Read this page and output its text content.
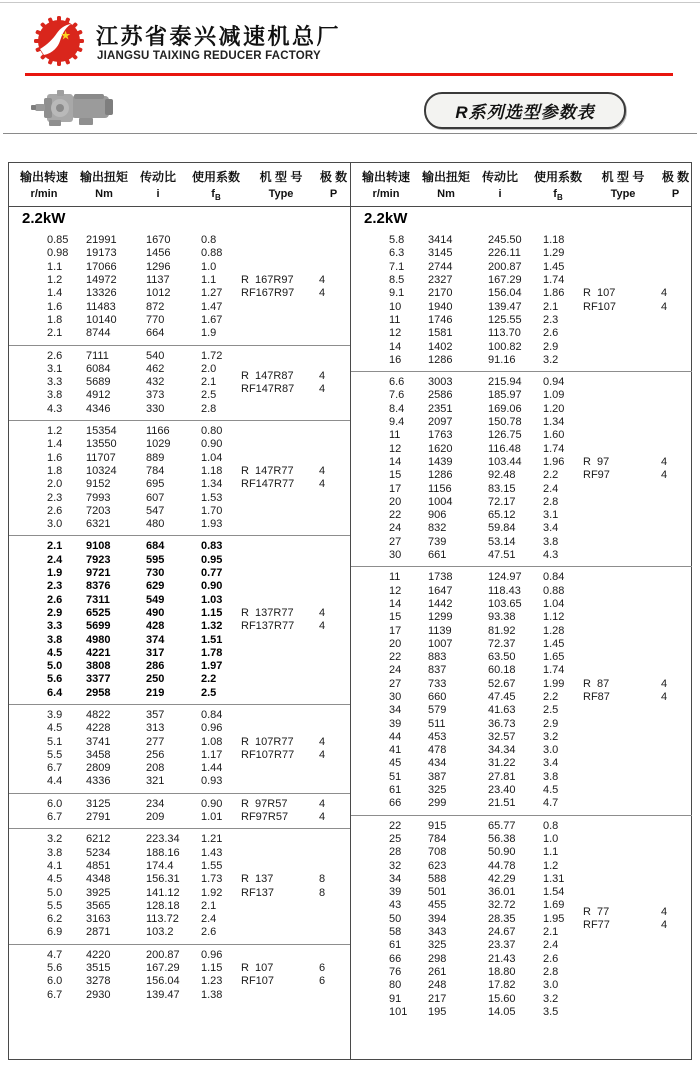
江苏省泰兴减速机总厂
JIANGSU TAIXING REDUCER FACTORY
R系列选型参数表
输出转速 输出扭矩 传动比	使用系数	机 型 号	极 数
r/min	Nm	i	$f_B$	Type	P
2.2kW
0.85	21991	1670	0.8
0.98	19173	1456	0.88
1.1	17066	1296	1.0
1.2	14972	1137	1.1
1.4	13326	1012	1.27
1.6	11483	872	1.47
1.8	10140	770	1.67
2.1	8744	664	1.9
R  167R97	4
RF167R97	4
2.6	7111	540	1.72
3.1	6084	462	2.0
3.3	5689	432	2.1
3.8	4912	373	2.5
4.3	4346	330	2.8
R  147R87	4
RF147R87	4
1.2	15354	1166	0.80
1.4	13550	1029	0.90
1.6	11707	889	1.04
1.8	10324	784	1.18
2.0	9152	695	1.34
2.3	7993	607	1.53
2.6	7203	547	1.70
3.0	6321	480	1.93
R  147R77	4
RF147R77	4
2.1	9108	684	0.83
2.4	7923	595	0.95
1.9	9721	730	0.77
2.3	8376	629	0.90
2.6	7311	549	1.03
2.9	6525	490	1.15
3.3	5699	428	1.32
3.8	4980	374	1.51
4.5	4221	317	1.78
5.0	3808	286	1.97
5.6	3377	250	2.2
6.4	2958	219	2.5
R  137R77	4
RF137R77	4
3.9	4822	357	0.84
4.5	4228	313	0.96
5.1	3741	277	1.08
5.5	3458	256	1.17
6.7	2809	208	1.44
4.4	4336	321	0.93
R  107R77	4
RF107R77	4
6.0	3125	234	0.90
6.7	2791	209	1.01
R  97R57	4
RF97R57	4
3.2	6212	223.34	1.21
3.8	5234	188.16	1.43
4.1	4851	174.4	1.55
4.5	4348	156.31	1.73
5.0	3925	141.12	1.92
5.5	3565	128.18	2.1
6.2	3163	113.72	2.4
6.9	2871	103.2	2.6
R  137	8
RF137	8
4.7	4220	200.87	0.96
5.6	3515	167.29	1.15
6.0	3278	156.04	1.23
6.7	2930	139.47	1.38
R  107	6
RF107	6
输出转速 输出扭矩 传动比	使用系数	机 型 号	极 数
r/min	Nm	i	$f_B$	Type	P
2.2kW
5.8	3414	245.50	1.18
6.3	3145	226.11	1.29
7.1	2744	200.87	1.45
8.5	2327	167.29	1.74
9.1	2170	156.04	1.86
10	1940	139.47	2.1
11	1746	125.55	2.3
12	1581	113.70	2.6
14	1402	100.82	2.9
16	1286	91.16	3.2
R  107	4
RF107	4
6.6	3003	215.94	0.94
7.6	2586	185.97	1.09
8.4	2351	169.06	1.20
9.4	2097	150.78	1.34
11	1763	126.75	1.60
12	1620	116.48	1.74
14	1439	103.44	1.96
15	1286	92.48	2.2
17	1156	83.15	2.4
20	1004	72.17	2.8
22	906	65.12	3.1
24	832	59.84	3.4
27	739	53.14	3.8
30	661	47.51	4.3
R  97	4
RF97	4
11	1738	124.97	0.84
12	1647	118.43	0.88
14	1442	103.65	1.04
15	1299	93.38	1.12
17	1139	81.92	1.28
20	1007	72.37	1.45
22	883	63.50	1.65
24	837	60.18	1.74
27	733	52.67	1.99
30	660	47.45	2.2
34	579	41.63	2.5
39	511	36.73	2.9
44	453	32.57	3.2
41	478	34.34	3.0
45	434	31.22	3.4
51	387	27.81	3.8
61	325	23.40	4.5
66	299	21.51	4.7
R  87	4
RF87	4
22	915	65.77	0.8
25	784	56.38	1.0
28	708	50.90	1.1
32	623	44.78	1.2
34	588	42.29	1.31
39	501	36.01	1.54
43	455	32.72	1.69
50	394	28.35	1.95
58	343	24.67	2.1
61	325	23.37	2.4
66	298	21.43	2.6
76	261	18.80	2.8
80	248	17.82	3.0
91	217	15.60	3.2
101	195	14.05	3.5
R  77	4
RF77	4
